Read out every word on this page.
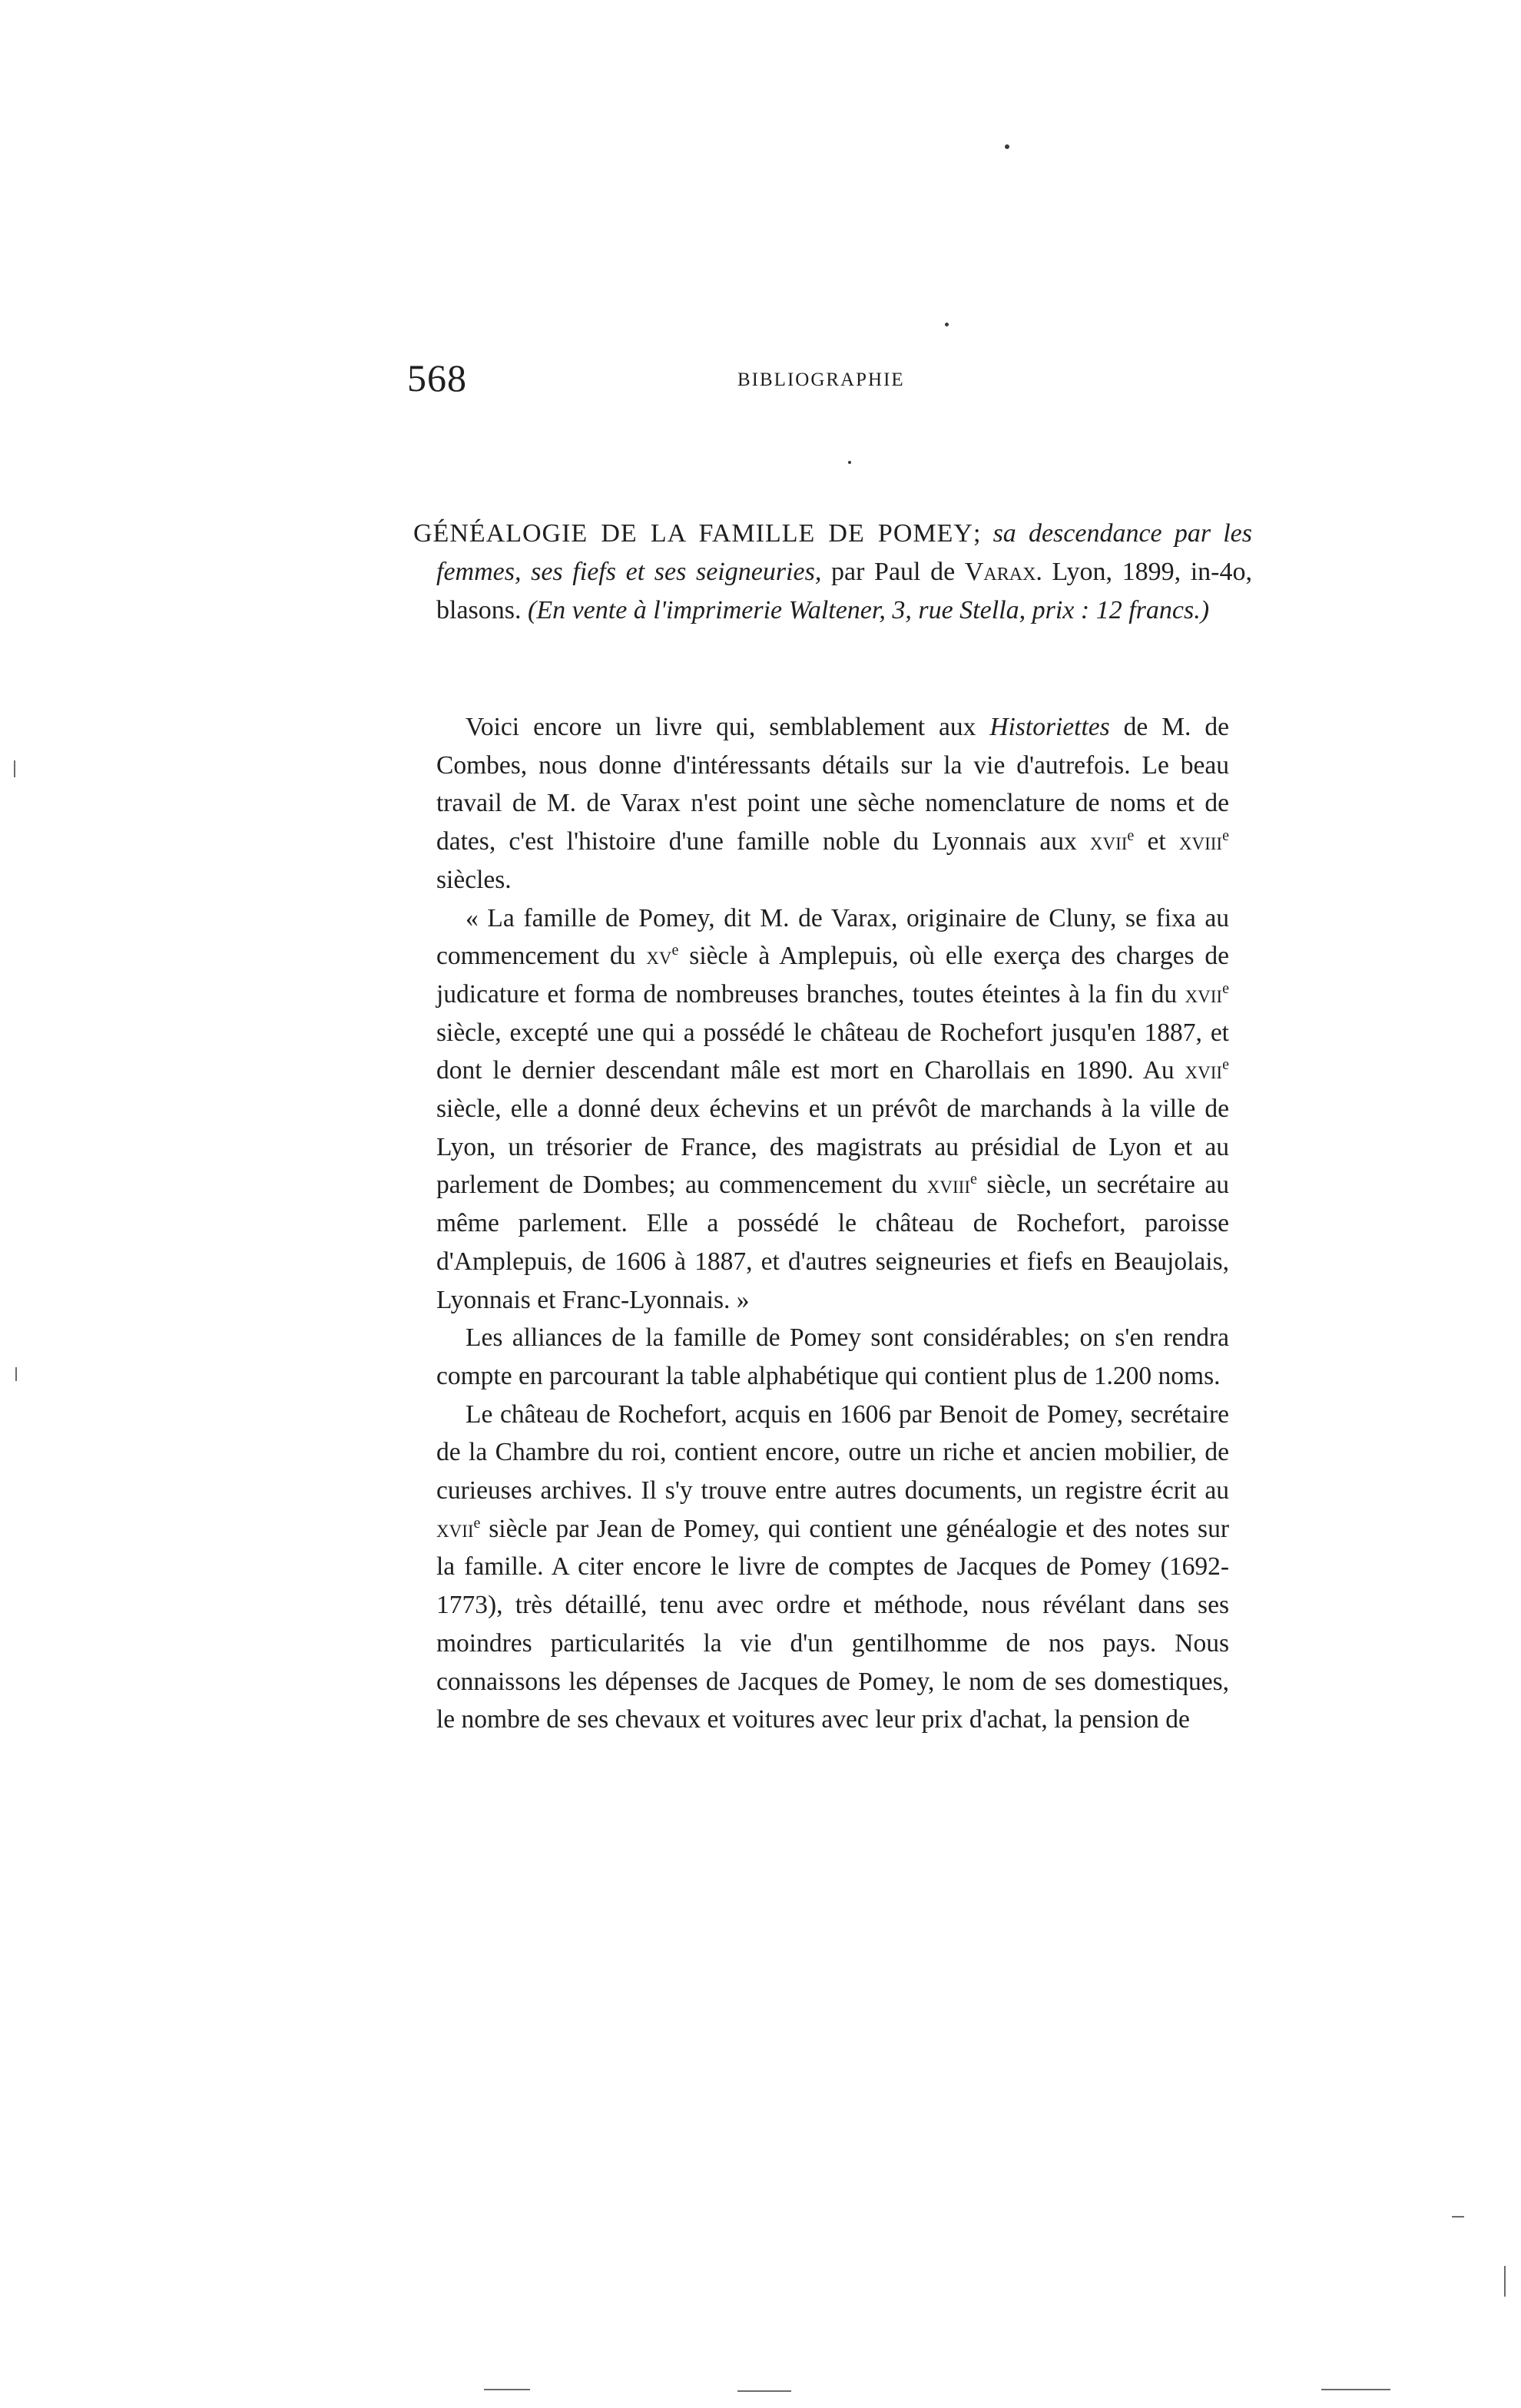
568	BIBLIOGRAPHIE
GÉNÉALOGIE DE LA FAMILLE DE POMEY; sa descendance par les femmes, ses fiefs et ses seigneuries, par Paul de Varax. Lyon, 1899, in-4o, blasons. (En vente à l'imprimerie Waltener, 3, rue Stella, prix : 12 francs.)

Voici encore un livre qui, semblablement aux Historiettes de M. de Combes, nous donne d'intéressants détails sur la vie d'autrefois. Le beau travail de M. de Varax n'est point une sèche nomenclature de noms et de dates, c'est l'histoire d'une famille noble du Lyonnais aux xvii$^e$ et xviii$^e$ siècles.

« La famille de Pomey, dit M. de Varax, originaire de Cluny, se fixa au commencement du $xv^e$ siècle à Amplepuis, où elle exerça des charges de judicature et forma de nombreuses branches, toutes éteintes à la fin du xvii$^e$ siècle, excepté une qui a possédé le château de Rochefort jusqu'en 1887, et dont le dernier descendant mâle est mort en Charollais en 1890. Au xvii$^e$ siècle, elle a donné deux échevins et un prévôt de marchands à la ville de Lyon, un trésorier de France, des magistrats au présidial de Lyon et au parlement de Dombes; au commencement du xviii$^e$ siècle, un secrétaire au même parlement. Elle a possédé le château de Rochefort, paroisse d'Amplepuis, de 1606 à 1887, et d'autres seigneuries et fiefs en Beaujolais, Lyonnais et Franc-Lyonnais. »

Les alliances de la famille de Pomey sont considérables; on s'en rendra compte en parcourant la table alphabétique qui contient plus de 1.200 noms.

Le château de Rochefort, acquis en 1606 par Benoit de Pomey, secrétaire de la Chambre du roi, contient encore, outre un riche et ancien mobilier, de curieuses archives. Il s'y trouve entre autres documents, un registre écrit au xvii$^e$ siècle par Jean de Pomey, qui contient une généalogie et des notes sur la famille. A citer encore le livre de comptes de Jacques de Pomey (1692-1773), très détaillé, tenu avec ordre et méthode, nous révélant dans ses moindres particularités la vie d'un gentilhomme de nos pays. Nous connaissons les dépenses de Jacques de Pomey, le nom de ses domestiques, le nombre de ses chevaux et voitures avec leur prix d'achat, la pension de
